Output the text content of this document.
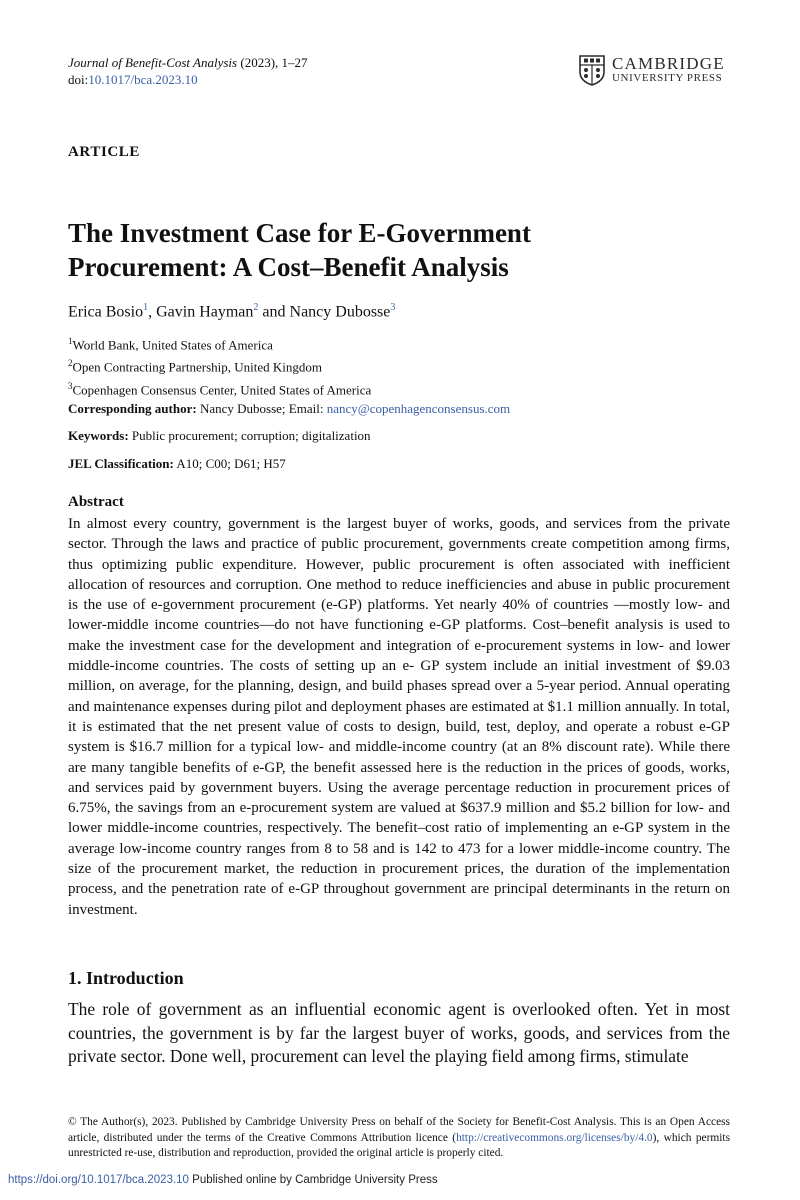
Journal of Benefit-Cost Analysis (2023), 1–27
doi:10.1017/bca.2023.10
CAMBRIDGE
UNIVERSITY PRESS
ARTICLE
The Investment Case for E-Government Procurement: A Cost–Benefit Analysis
Erica Bosio$^1$, Gavin Hayman$^2$ and Nancy Dubosse$^3$
$^1$World Bank, United States of America
$^2$Open Contracting Partnership, United Kingdom
$^3$Copenhagen Consensus Center, United States of America
Corresponding author: Nancy Dubosse; Email: nancy@copenhagenconsensus.com
Keywords: Public procurement; corruption; digitalization
JEL Classification: A10; C00; D61; H57
Abstract

In almost every country, government is the largest buyer of works, goods, and services from the private sector. Through the laws and practice of public procurement, governments create competition among firms, thus optimizing public expenditure. However, public procurement is often associated with inefficient allocation of resources and corruption. One method to reduce inefficiencies and abuse in public procurement is the use of e-government procurement (e-GP) platforms. Yet nearly 40% of countries —mostly low- and lower-middle income countries—do not have functioning e-GP platforms. Cost–benefit analysis is used to make the investment case for the development and integration of e-procurement systems in low- and lower middle-income countries. The costs of setting up an e- GP system include an initial investment of $9.03 million, on average, for the planning, design, and build phases spread over a 5-year period. Annual operating and maintenance expenses during pilot and deployment phases are estimated at $1.1 million annually. In total, it is estimated that the net present value of costs to design, build, test, deploy, and operate a robust e-GP system is $16.7 million for a typical low- and middle-income country (at an 8% discount rate). While there are many tangible benefits of e-GP, the benefit assessed here is the reduction in the prices of goods, works, and services paid by government buyers. Using the average percentage reduction in procurement prices of 6.75%, the savings from an e-procurement system are valued at $637.9 million and $5.2 billion for low- and lower middle-income countries, respectively. The benefit–cost ratio of implementing an e-GP system in the average low-income country ranges from 8 to 58 and is 142 to 473 for a lower middle-income country. The size of the procurement market, the reduction in procurement prices, the duration of the implementation process, and the penetration rate of e-GP throughout government are principal determinants in the return on investment.

1. Introduction

The role of government as an influential economic agent is overlooked often. Yet in most countries, the government is by far the largest buyer of works, goods, and services from the private sector. Done well, procurement can level the playing field among firms, stimulate

© The Author(s), 2023. Published by Cambridge University Press on behalf of the Society for Benefit-Cost Analysis. This is an Open Access article, distributed under the terms of the Creative Commons Attribution licence (http://creativecommons.org/licenses/by/4.0), which permits unrestricted re-use, distribution and reproduction, provided the original article is properly cited.

https://doi.org/10.1017/bca.2023.10 Published online by Cambridge University Press
